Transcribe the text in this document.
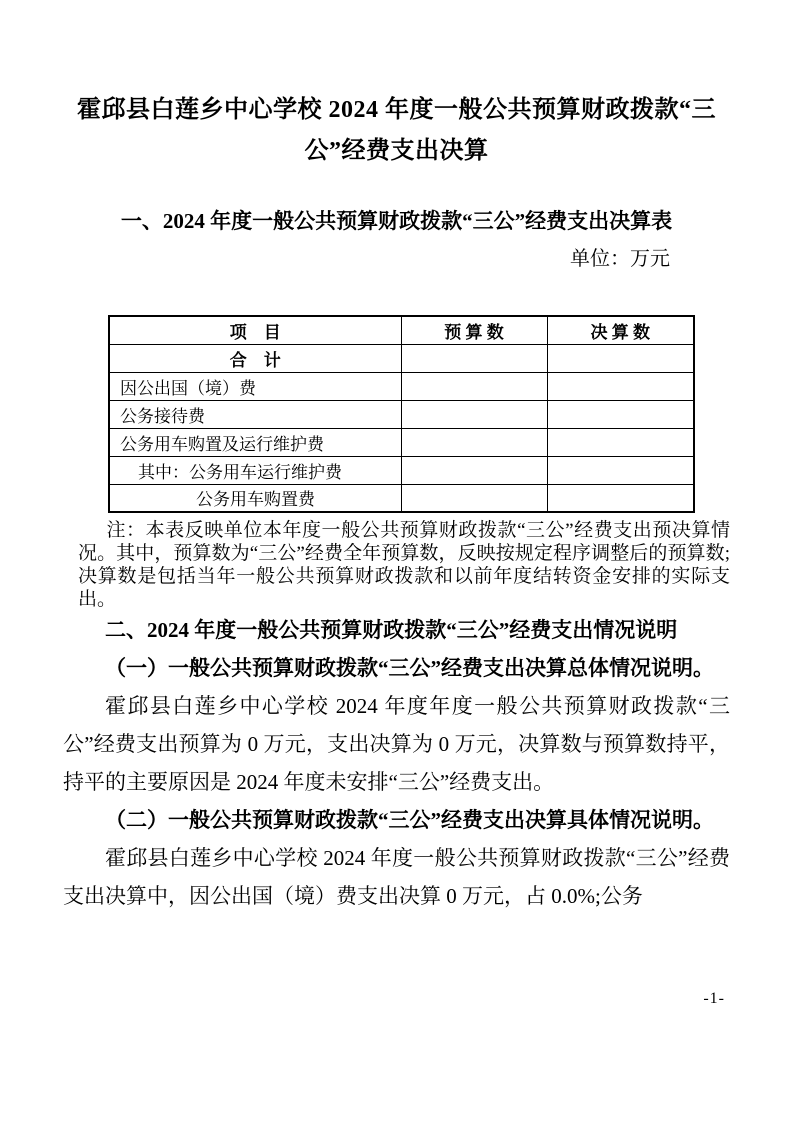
霍邱县白莲乡中心学校 2024 年度一般公共预算财政拨款“三
公”经费支出决算
一、2024 年度一般公共预算财政拨款“三公”经费支出决算表
单位：万元
项　目	预 算 数	决 算 数
合　计		
因公出国（境）费		
公务接待费		
公务用车购置及运行维护费		
其中：公务用车运行维护费		
公务用车购置费		

注：本表反映单位本年度一般公共预算财政拨款“三公”经费支出预决算情况。其中，预算数为“三公”经费全年预算数，反映按规定程序调整后的预算数;决算数是包括当年一般公共预算财政拨款和以前年度结转资金安排的实际支出。

二、2024 年度一般公共预算财政拨款“三公”经费支出情况说明

（一）一般公共预算财政拨款“三公”经费支出决算总体情况说明。

霍邱县白莲乡中心学校 2024 年度年度一般公共预算财政拨款“三公”经费支出预算为 0 万元，支出决算为 0 万元，决算数与预算数持平，持平的主要原因是 2024 年度未安排“三公”经费支出。

（二）一般公共预算财政拨款“三公”经费支出决算具体情况说明。

霍邱县白莲乡中心学校 2024 年度一般公共预算财政拨款“三公”经费支出决算中，因公出国（境）费支出决算 0 万元，占 0.0%;公务

-1-
